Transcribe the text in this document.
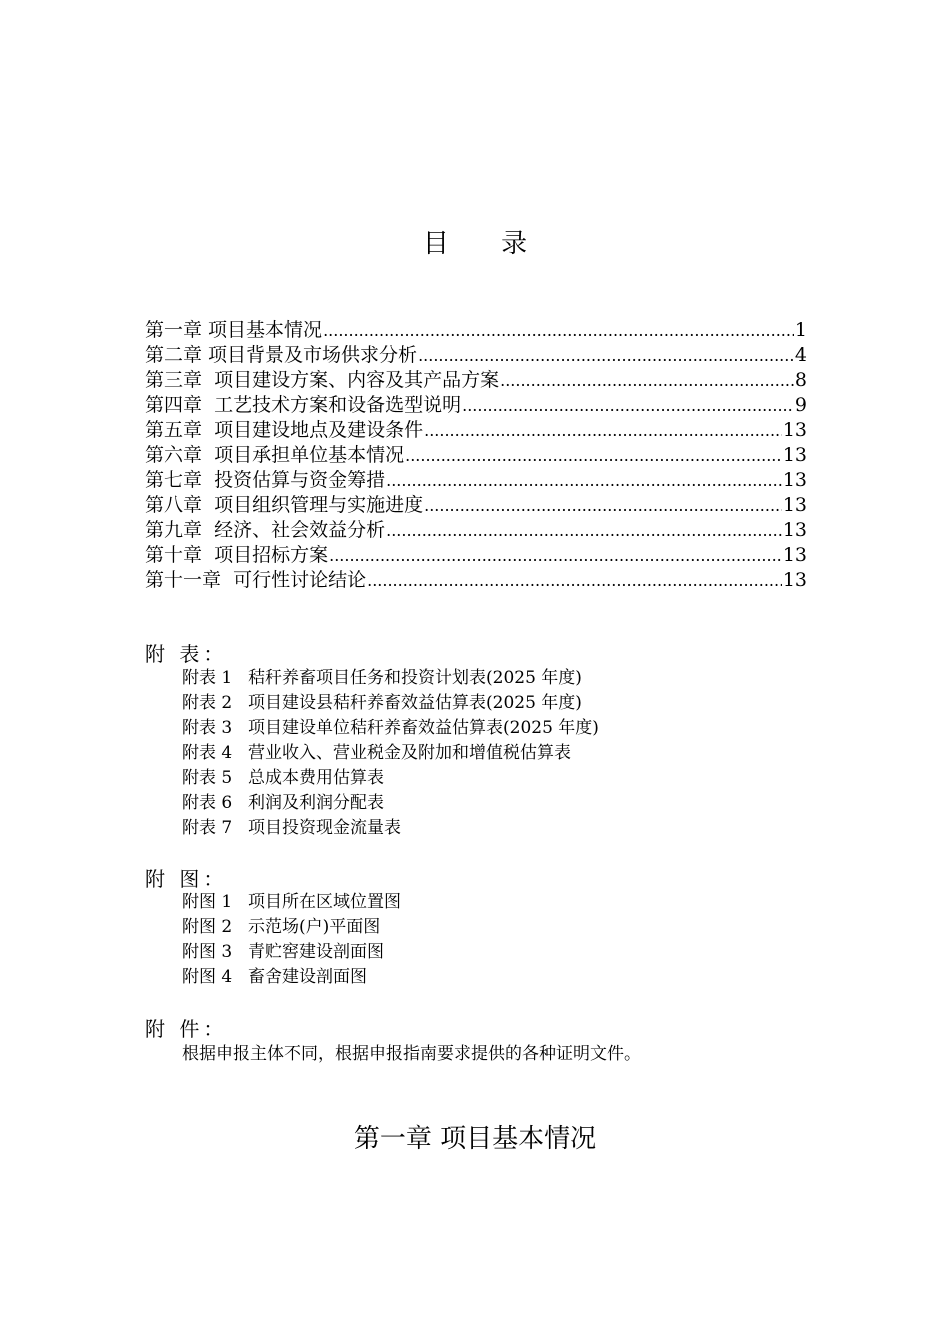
目 录
第一章 项目基本情况 .....	1
第二章 项目背景及市场供求分析 .....	4
第三章 项目建设方案、内容及其产品方案 .....	8
第四章 工艺技术方案和设备选型说明 .....	9
第五章 项目建设地点及建设条件 .....	13
第六章 项目承担单位基本情况 .....	13
第七章 投资估算与资金筹措 .....	13
第八章 项目组织管理与实施进度 .....	13
第九章 经济、社会效益分析 .....	13
第十章 项目招标方案 .....	13
第十一章 可行性讨论结论 .....	13
附 表：
附表 1 秸秆养畜项目任务和投资计划表(2025 年度)
附表 2 项目建设县秸秆养畜效益估算表(2025 年度)
附表 3 项目建设单位秸秆养畜效益估算表(2025 年度)
附表 4 营业收入、营业税金及附加和增值税估算表
附表 5 总成本费用估算表
附表 6 利润及利润分配表
附表 7 项目投资现金流量表
附 图：
附图 1 项目所在区域位置图
附图 2 示范场(户)平面图
附图 3 青贮窖建设剖面图
附图 4 畜舍建设剖面图
附 件：
根据申报主体不同，根据申报指南要求提供的各种证明文件。
第一章 项目基本情况
